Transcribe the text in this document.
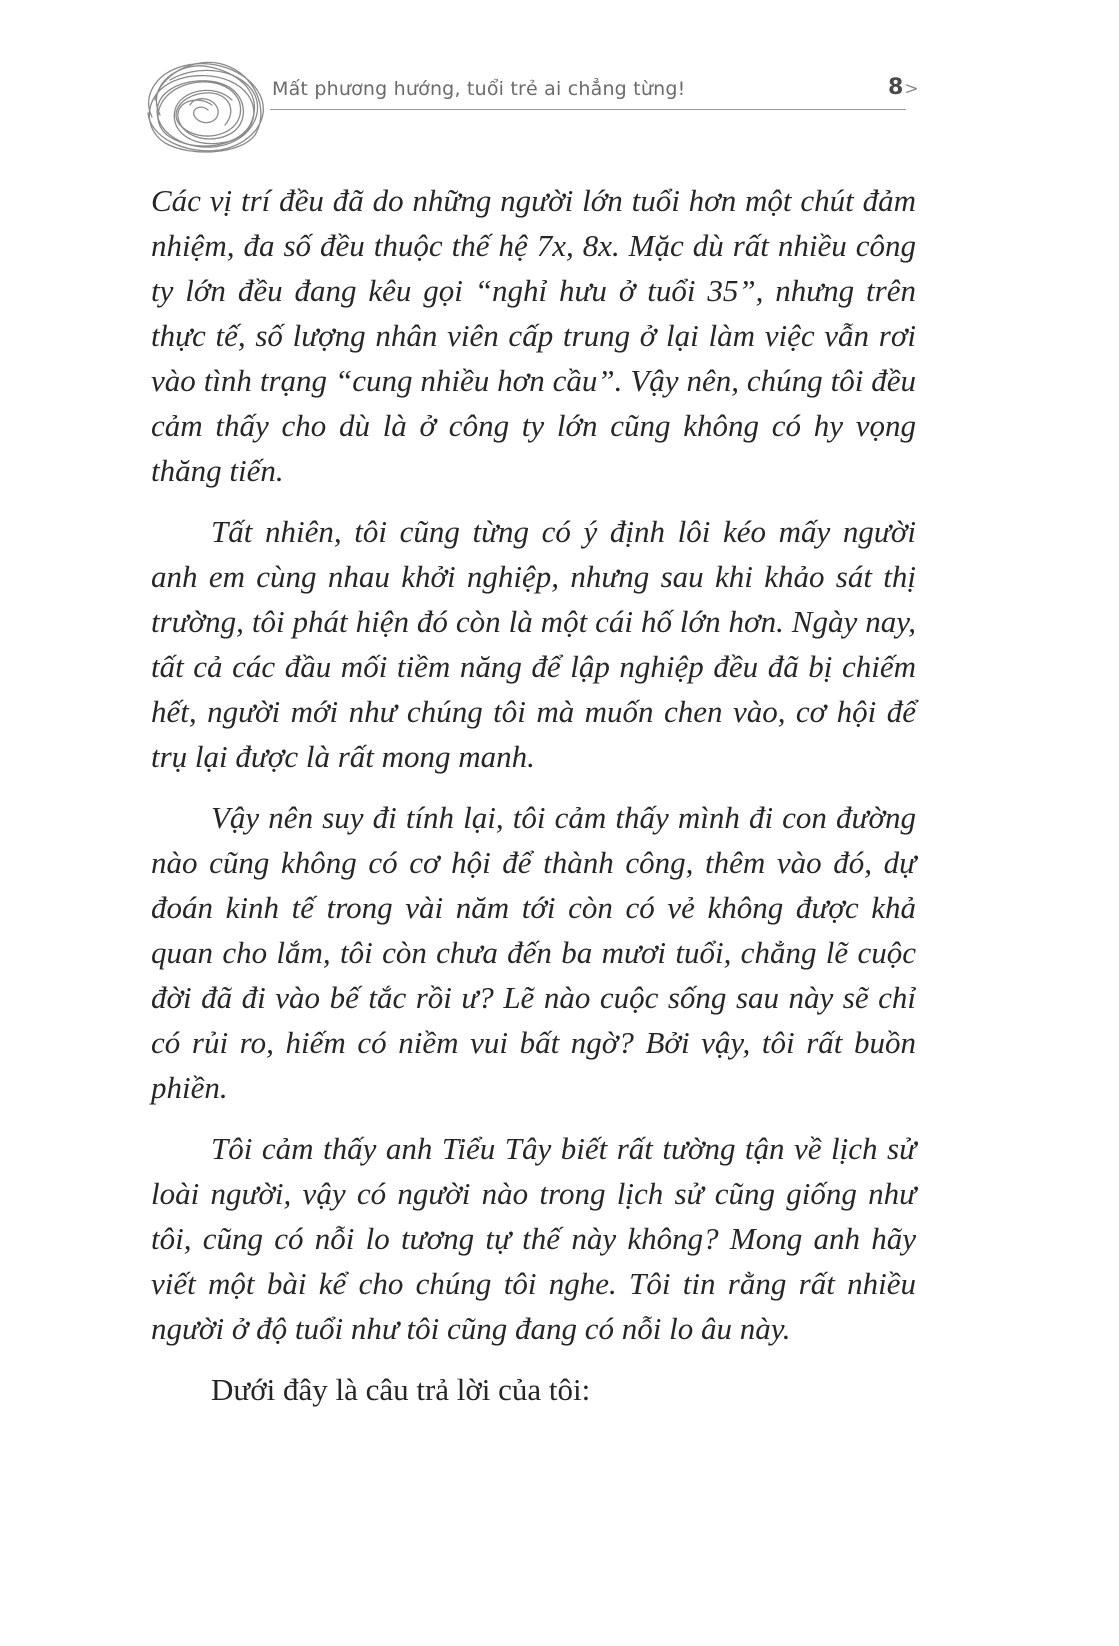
Mất phương hướng, tuổi trẻ ai chẳng từng!	8>

Các vị trí đều đã do những người lớn tuổi hơn một chút đảm nhiệm, đa số đều thuộc thế hệ 7x, 8x. Mặc dù rất nhiều công ty lớn đều đang kêu gọi “nghỉ hưu ở tuổi 35”, nhưng trên thực tế, số lượng nhân viên cấp trung ở lại làm việc vẫn rơi vào tình trạng “cung nhiều hơn cầu”. Vậy nên, chúng tôi đều cảm thấy cho dù là ở công ty lớn cũng không có hy vọng thăng tiến.

Tất nhiên, tôi cũng từng có ý định lôi kéo mấy người anh em cùng nhau khởi nghiệp, nhưng sau khi khảo sát thị trường, tôi phát hiện đó còn là một cái hố lớn hơn. Ngày nay, tất cả các đầu mối tiềm năng để lập nghiệp đều đã bị chiếm hết, người mới như chúng tôi mà muốn chen vào, cơ hội để trụ lại được là rất mong manh.

Vậy nên suy đi tính lại, tôi cảm thấy mình đi con đường nào cũng không có cơ hội để thành công, thêm vào đó, dự đoán kinh tế trong vài năm tới còn có vẻ không được khả quan cho lắm, tôi còn chưa đến ba mươi tuổi, chẳng lẽ cuộc đời đã đi vào bế tắc rồi ư? Lẽ nào cuộc sống sau này sẽ chỉ có rủi ro, hiếm có niềm vui bất ngờ? Bởi vậy, tôi rất buồn phiền.

Tôi cảm thấy anh Tiểu Tây biết rất tường tận về lịch sử loài người, vậy có người nào trong lịch sử cũng giống như tôi, cũng có nỗi lo tương tự thế này không? Mong anh hãy viết một bài kể cho chúng tôi nghe. Tôi tin rằng rất nhiều người ở độ tuổi như tôi cũng đang có nỗi lo âu này.

Dưới đây là câu trả lời của tôi:
